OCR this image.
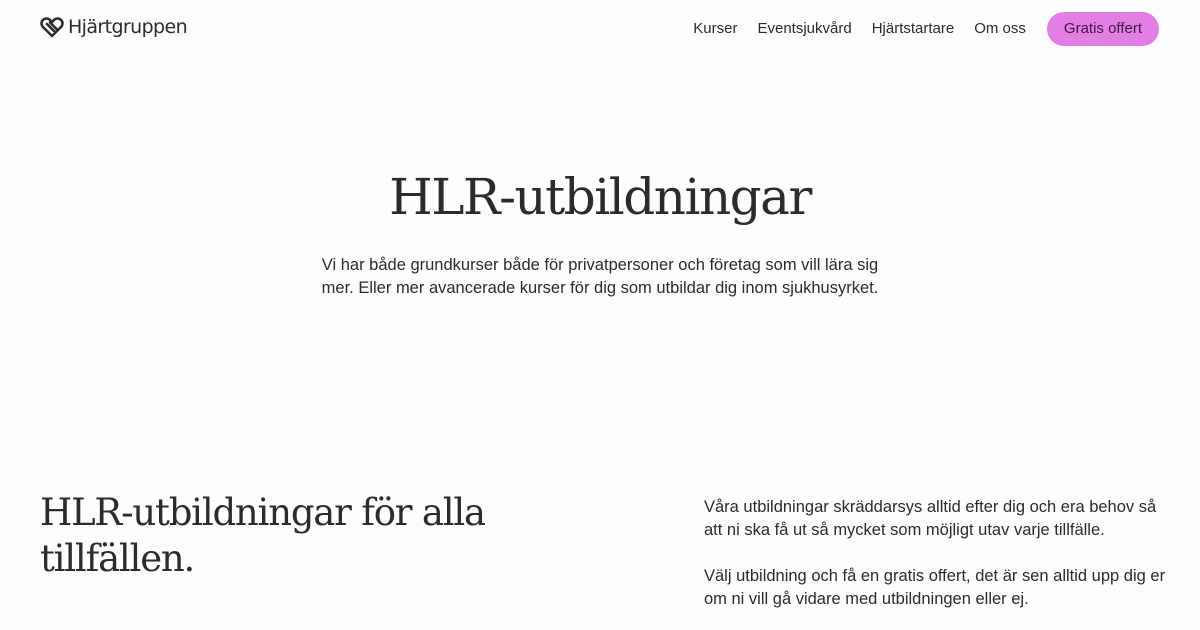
Hjärtgruppen	Kurser Eventsjukvård Hjärtstartare Om oss	Gratis offert
HLR-utbildningar

Vi har både grundkurser både för privatpersoner och företag som vill lära sig mer. Eller mer avancerade kurser för dig som utbildar dig inom sjukhusyrket.

HLR-utbildningar för alla tillfällen.

Våra utbildningar skräddarsys alltid efter dig och era behov så att ni ska få ut så mycket som möjligt utav varje tillfälle.

Välj utbildning och få en gratis offert, det är sen alltid upp dig er om ni vill gå vidare med utbildningen eller ej.
